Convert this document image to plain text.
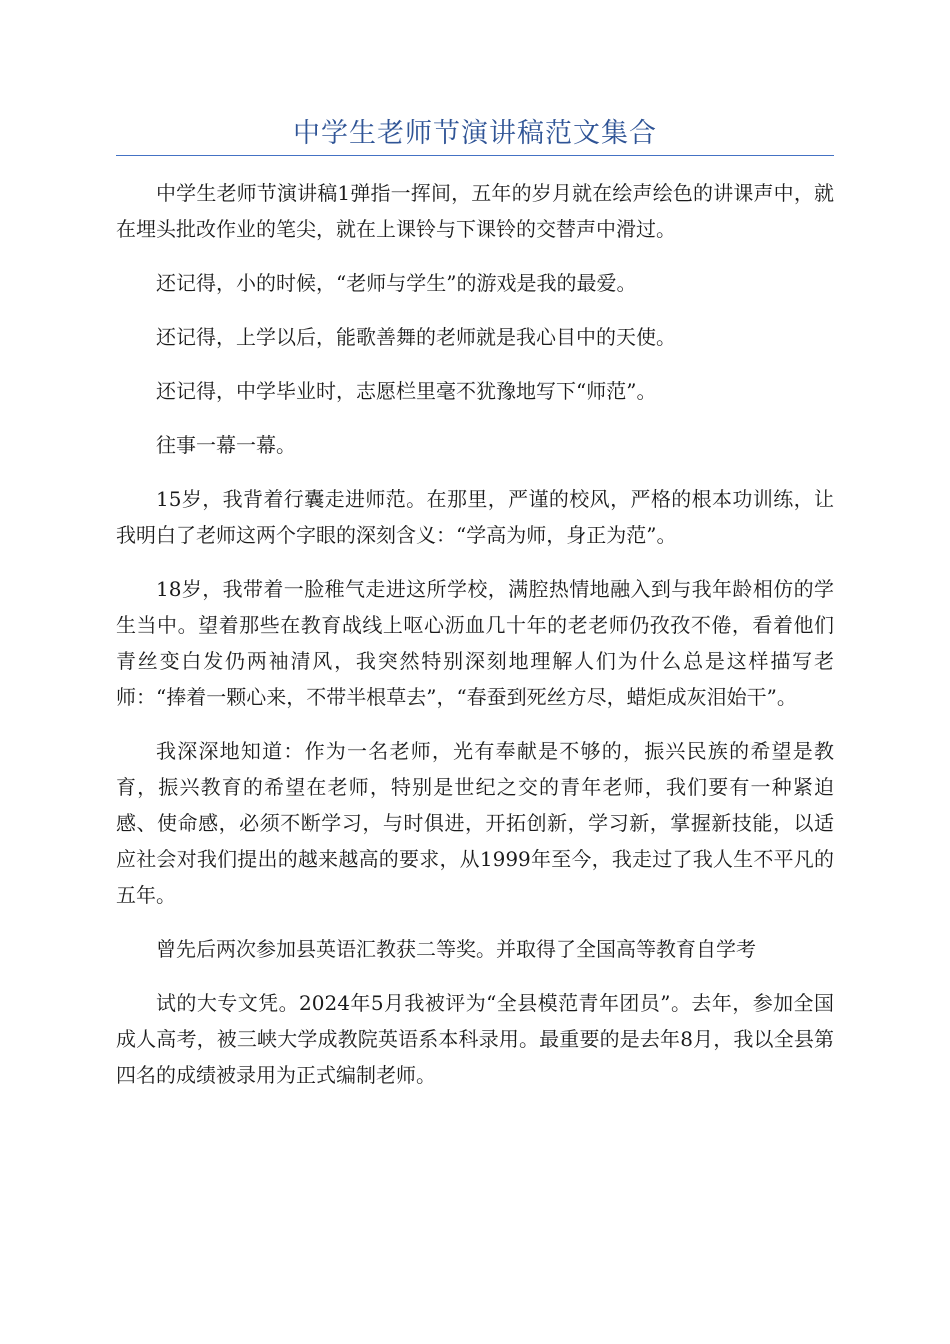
中学生老师节演讲稿范文集合

中学生老师节演讲稿1弹指一挥间，五年的岁月就在绘声绘色的讲课声中，就在埋头批改作业的笔尖，就在上课铃与下课铃的交替声中滑过。

还记得，小的时候，“老师与学生”的游戏是我的最爱。

还记得，上学以后，能歌善舞的老师就是我心目中的天使。

还记得，中学毕业时，志愿栏里毫不犹豫地写下“师范”。

往事一幕一幕。

15岁，我背着行囊走进师范。在那里，严谨的校风，严格的根本功训练，让我明白了老师这两个字眼的深刻含义：“学高为师，身正为范”。

18岁，我带着一脸稚气走进这所学校，满腔热情地融入到与我年龄相仿的学生当中。望着那些在教育战线上呕心沥血几十年的老老师仍孜孜不倦，看着他们青丝变白发仍两袖清风，我突然特别深刻地理解人们为什么总是这样描写老师：“捧着一颗心来，不带半根草去”，“春蚕到死丝方尽，蜡炬成灰泪始干”。

我深深地知道：作为一名老师，光有奉献是不够的，振兴民族的希望是教育，振兴教育的希望在老师，特别是世纪之交的青年老师，我们要有一种紧迫感、使命感，必须不断学习，与时俱进，开拓创新，学习新，掌握新技能，以适应社会对我们提出的越来越高的要求，从1999年至今，我走过了我人生不平凡的五年。

曾先后两次参加县英语汇教获二等奖。并取得了全国高等教育自学考

试的大专文凭。2024年5月我被评为“全县模范青年团员”。去年，参加全国成人高考，被三峡大学成教院英语系本科录用。最重要的是去年8月，我以全县第四名的成绩被录用为正式编制老师。
